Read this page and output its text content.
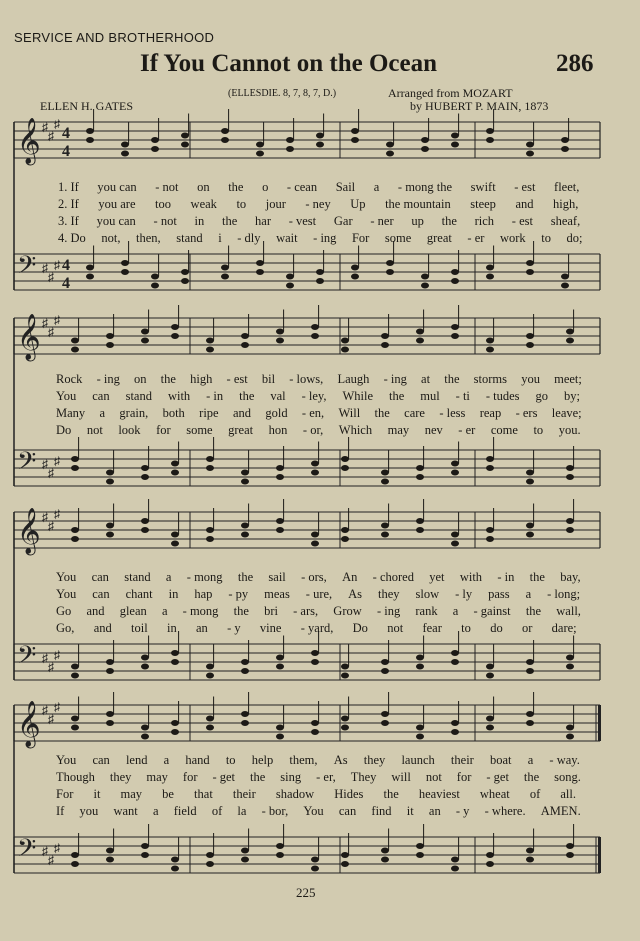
SERVICE AND BROTHERHOOD
If You Cannot on the Ocean	286
(ELLESDIE. 8, 7, 8, 7, D.)	Arranged from MOZART
ELLEN H. GATES	by HUBERT P. MAIN, 1873
𝄞 ♯
♯
♯
𝄢 ♯
♯
♯
4
4
4
4
𝄞 ♯
♯
♯
𝄢 ♯
♯
♯
𝄞 ♯
♯
♯
𝄢 ♯
♯
♯
𝄞 ♯
♯
♯
𝄢 ♯
♯
♯
1. If	you can	- not	on	the	o	- cean	Sail	a	- mong the	swift	- est	fleet,
2. If	you are	too	weak	to	jour	- ney	Up	the mountain	steep	and	high,
3. If	you can	- not	in	the	har	- vest	Gar	- ner	up	the	rich	- est	sheaf,
4. Do	not,	then,	stand	i	- dly	wait	- ing	For	some	great	- er	work	to	do;
Rock	- ing	on	the	high	- est	bil	- lows,	Laugh	- ing	at	the	storms	you	meet;
You	can	stand	with	- in	the	val	- ley,	While	the	mul	- ti	- tudes	go	by;
Many	a	grain,	both	ripe	and	gold	- en,	Will	the	care	- less	reap	- ers	leave;
Do	not	look	for	some	great	hon	- or,	Which	may	nev	- er	come	to	you.
You	can	stand	a	- mong	the	sail	- ors,	An	- chored	yet	with	- in	the	bay,
You	can	chant	in	hap	- py	meas	- ure,	As	they	slow	- ly	pass	a	- long;
Go	and	glean	a	- mong	the	bri	- ars,	Grow	- ing	rank	a	- gainst	the	wall,
Go,	and	toil	in	an	- y	vine	- yard,	Do	not	fear	to	do	or	dare;
You	can	lend	a	hand	to	help	them,	As	they	launch	their	boat	a	- way.
Though	they	may	for	- get	the	sing	- er,	They	will	not	for	- get	the	song.
For	it	may	be	that	their	shadow	Hides	the	heaviest	wheat	of	all.
If	you	want	a	field	of	la	- bor,	You	can	find	it	an	- y	- where.	AMEN.
225
